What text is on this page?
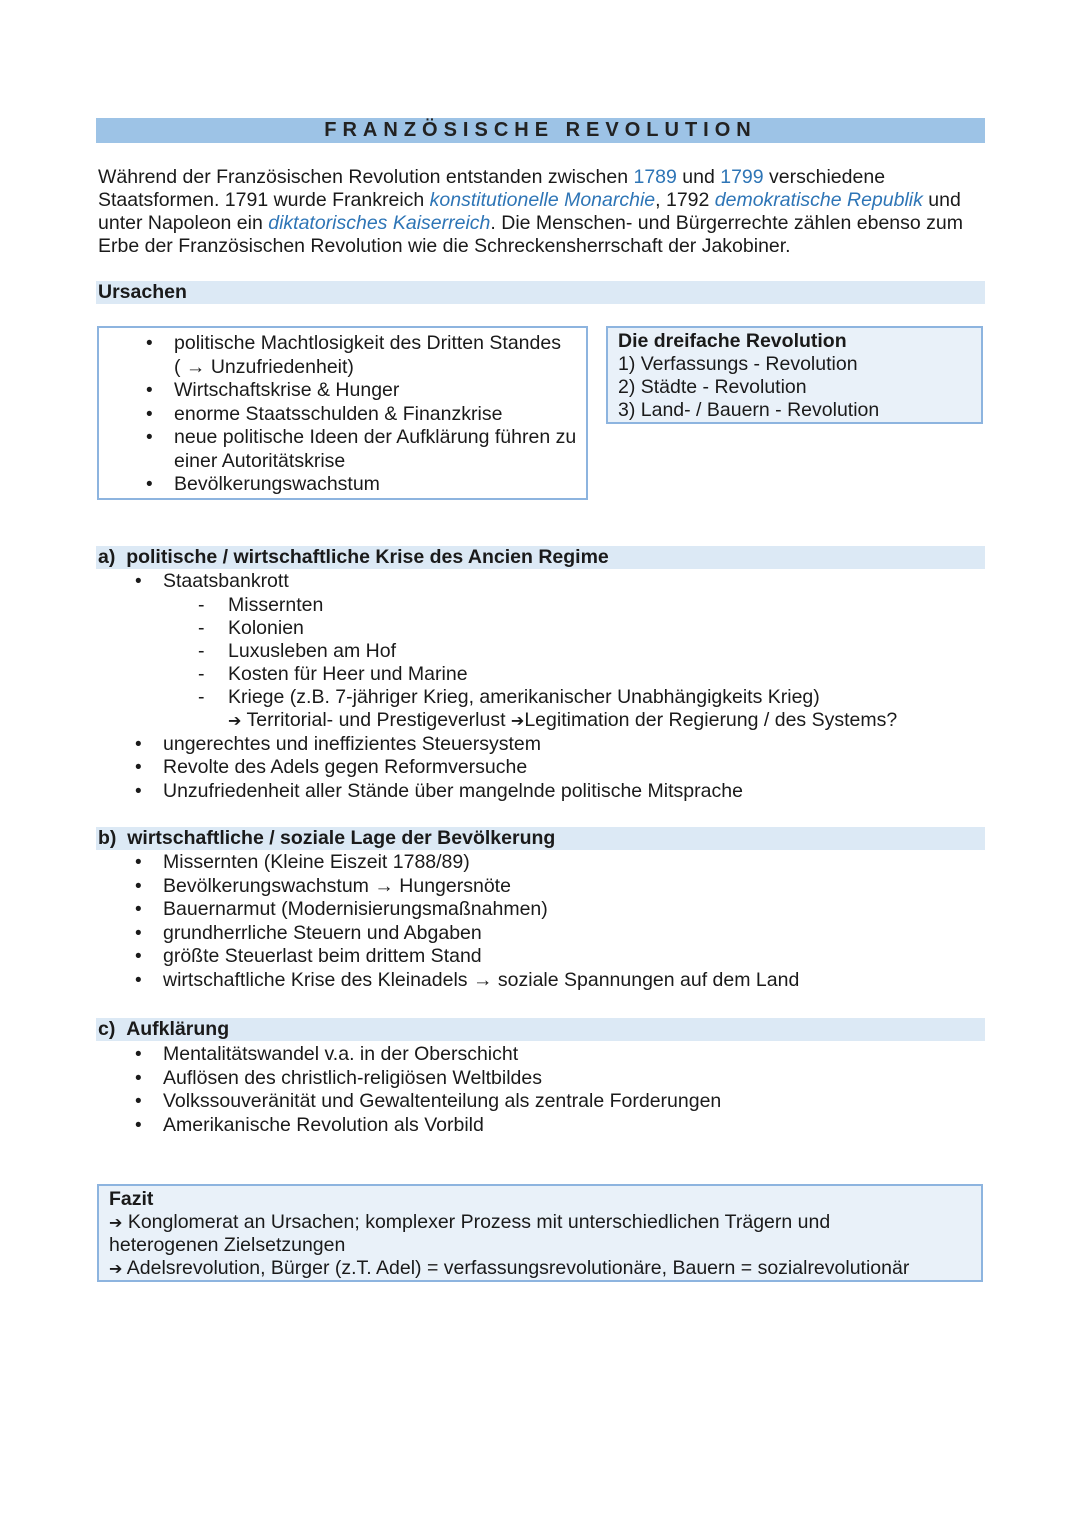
FRANZÖSISCHE REVOLUTION
Während der Französischen Revolution entstanden zwischen 1789 und 1799 verschiedene Staatsformen. 1791 wurde Frankreich konstitutionelle Monarchie, 1792 demokratische Republik und unter Napoleon ein diktatorisches Kaiserreich. Die Menschen- und Bürgerrechte zählen ebenso zum Erbe der Französischen Revolution wie die Schreckensherrschaft der Jakobiner.
Ursachen
• politische Machtlosigkeit des Dritten Standes
( → Unzufriedenheit)
• Wirtschaftskrise & Hunger
• enorme Staatsschulden & Finanzkrise
• neue politische Ideen der Aufklärung führen zu einer Autoritätskrise
• Bevölkerungswachstum
Die dreifache Revolution
1) Verfassungs - Revolution
2) Städte - Revolution
3) Land- / Bauern - Revolution
a) politische / wirtschaftliche Krise des Ancien Regime
• Staatsbankrott
- Missernten
- Kolonien
- Luxusleben am Hof
- Kosten für Heer und Marine
- Kriege (z.B. 7-jähriger Krieg, amerikanischer Unabhängigkeits Krieg)
➔ Territorial- und Prestigeverlust ➔Legitimation der Regierung / des Systems?
• ungerechtes und ineffizientes Steuersystem
• Revolte des Adels gegen Reformversuche
• Unzufriedenheit aller Stände über mangelnde politische Mitsprache
b) wirtschaftliche / soziale Lage der Bevölkerung
• Missernten (Kleine Eiszeit 1788/89)
• Bevölkerungswachstum → Hungersnöte
• Bauernarmut (Modernisierungsmaßnahmen)
• grundherrliche Steuern und Abgaben
• größte Steuerlast beim drittem Stand
• wirtschaftliche Krise des Kleinadels → soziale Spannungen auf dem Land
c) Aufklärung
• Mentalitätswandel v.a. in der Oberschicht
• Auflösen des christlich-religiösen Weltbildes
• Volkssouveränität und Gewaltenteilung als zentrale Forderungen
• Amerikanische Revolution als Vorbild
Fazit
➔ Konglomerat an Ursachen; komplexer Prozess mit unterschiedlichen Trägern und heterogenen Zielsetzungen
➔ Adelsrevolution, Bürger (z.T. Adel) = verfassungsrevolutionäre, Bauern = sozialrevolutionär
